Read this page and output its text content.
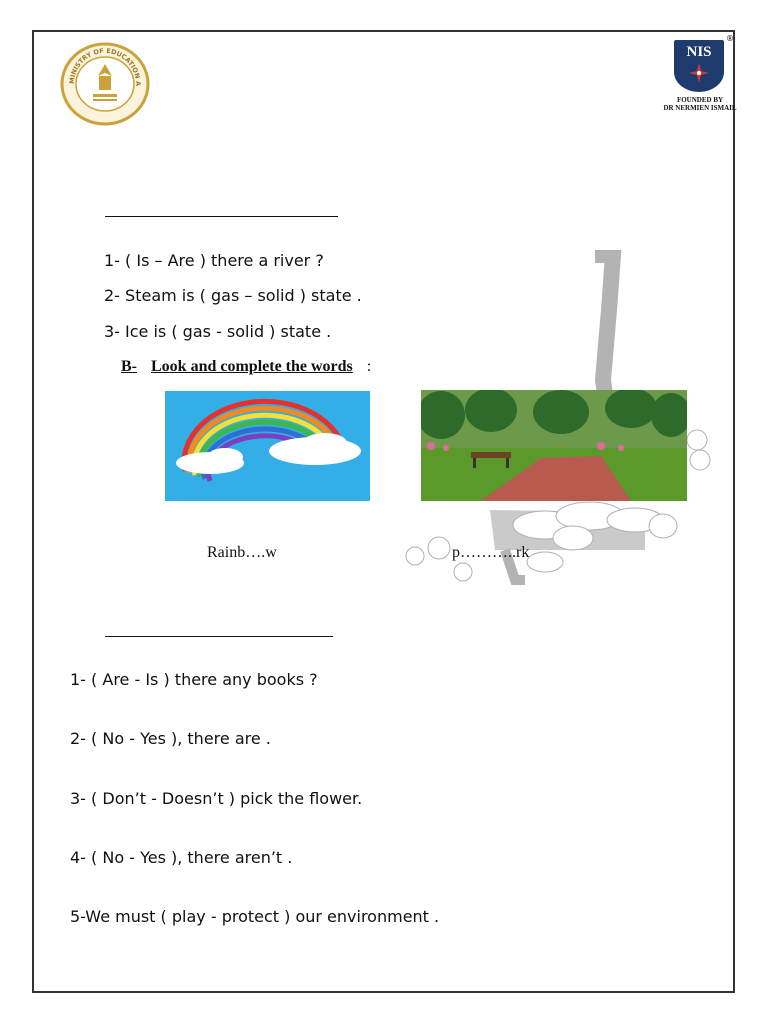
MINISTRY OF EDUCATION A
NIS
®
FOUNDED BY
DR NERMIEN ISMAIL
1- ( Is – Are ) there a river ?
2- Steam is ( gas – solid ) state .
3- Ice is ( gas - solid ) state .
B- Look and complete the words :
Rainb….w	p………..rk
1- ( Are - Is ) there any books ?
2- ( No - Yes ), there are .
3- ( Don’t - Doesn’t ) pick the flower.
4- ( No - Yes ), there aren’t .
5-We must ( play - protect ) our environment .
